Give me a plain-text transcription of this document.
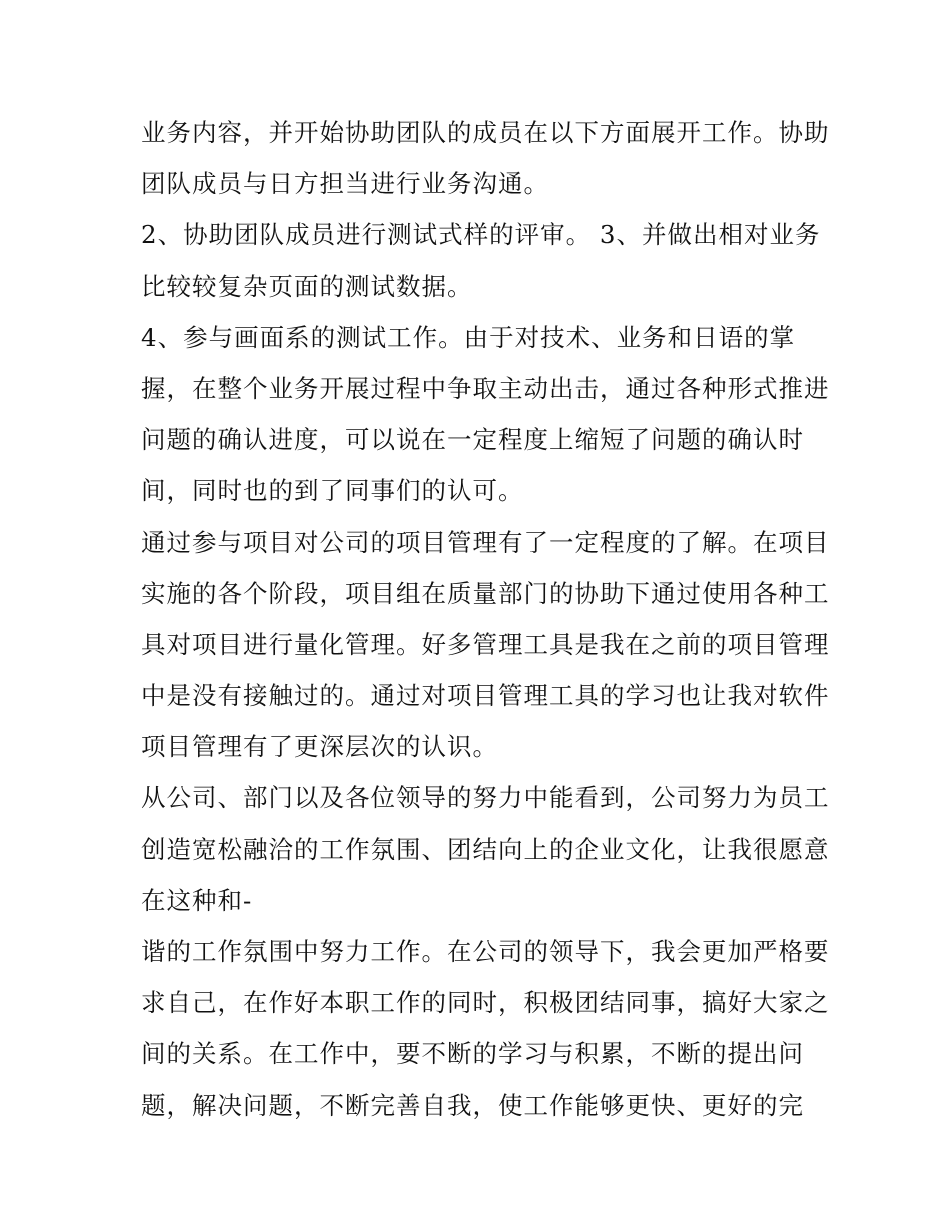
业务内容，并开始协助团队的成员在以下方面展开工作。协助
团队成员与日方担当进行业务沟通。
2、协助团队成员进行测试式样的评审。 3、并做出相对业务
比较较复杂页面的测试数据。
4、参与画面系的测试工作。由于对技术、业务和日语的掌
握，在整个业务开展过程中争取主动出击，通过各种形式推进
问题的确认进度，可以说在一定程度上缩短了问题的确认时
间，同时也的到了同事们的认可。
通过参与项目对公司的项目管理有了一定程度的了解。在项目
实施的各个阶段，项目组在质量部门的协助下通过使用各种工
具对项目进行量化管理。好多管理工具是我在之前的项目管理
中是没有接触过的。通过对项目管理工具的学习也让我对软件
项目管理有了更深层次的认识。
从公司、部门以及各位领导的努力中能看到，公司努力为员工
创造宽松融洽的工作氛围、团结向上的企业文化，让我很愿意
在这种和-
谐的工作氛围中努力工作。在公司的领导下，我会更加严格要
求自己，在作好本职工作的同时，积极团结同事，搞好大家之
间的关系。在工作中，要不断的学习与积累，不断的提出问
题，解决问题，不断完善自我，使工作能够更快、更好的完
